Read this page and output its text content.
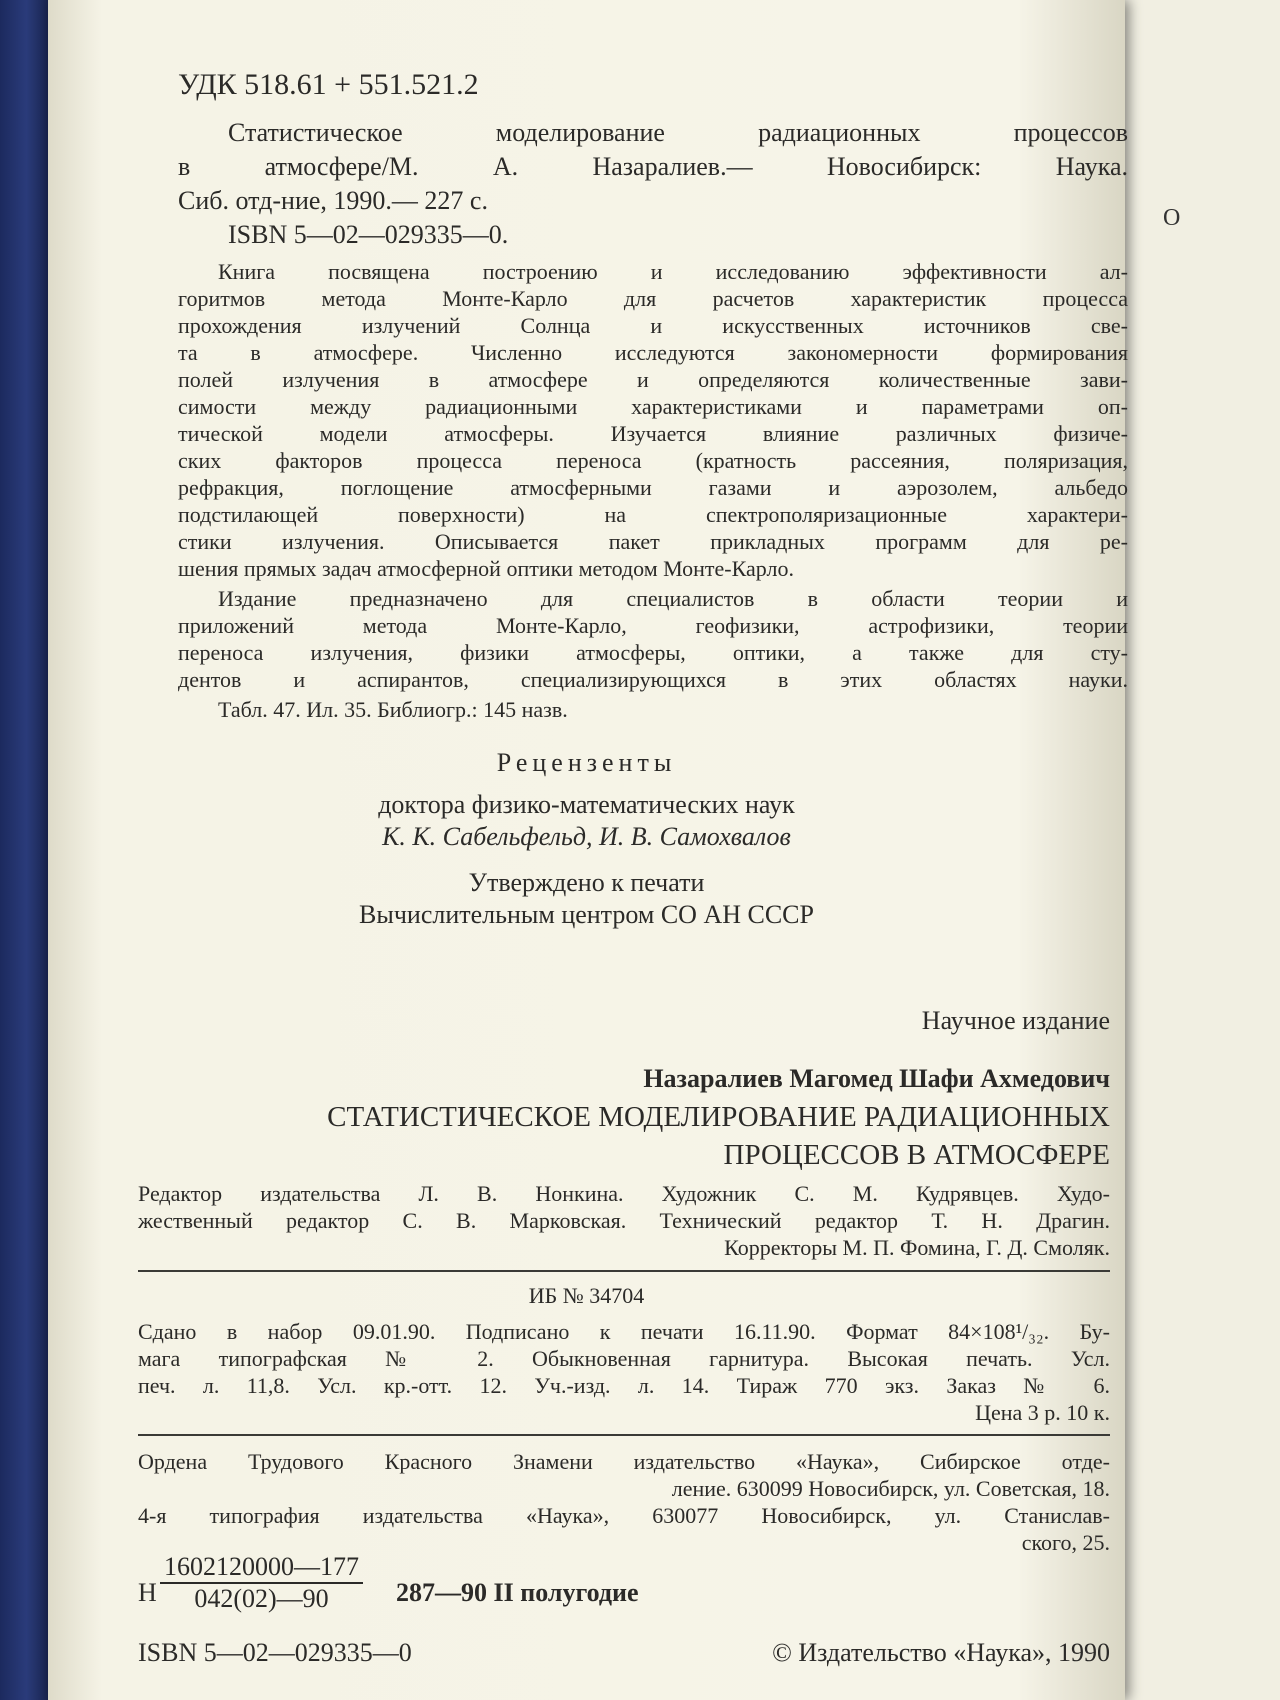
О
УДК 518.61 + 551.521.2
Статистическое моделирование радиационных процессов
в атмосфере/М. А. Назаралиев.— Новосибирск: Наука.
Сиб. отд-ние, 1990.— 227 с.
ISBN 5—02—029335—0.
Книга посвящена построению и исследованию эффективности ал-
горитмов метода Монте-Карло для расчетов характеристик процесса
прохождения излучений Солнца и искусственных источников све-
та в атмосфере. Численно исследуются закономерности формирования
полей излучения в атмосфере и определяются количественные зави-
симости между радиационными характеристиками и параметрами оп-
тической модели атмосферы. Изучается влияние различных физиче-
ских факторов процесса переноса (кратность рассеяния, поляризация,
рефракция, поглощение атмосферными газами и аэрозолем, альбедо
подстилающей поверхности) на спектрополяризационные характери-
стики излучения. Описывается пакет прикладных программ для ре-
шения прямых задач атмосферной оптики методом Монте-Карло.
Издание предназначено для специалистов в области теории и
приложений метода Монте-Карло, геофизики, астрофизики, теории
переноса излучения, физики атмосферы, оптики, а также для сту-
дентов и аспирантов, специализирующихся в этих областях науки.
Табл. 47. Ил. 35. Библиогр.: 145 назв.
Рецензенты
доктора физико-математических наук
К. К. Сабельфельд, И. В. Самохвалов
Утверждено к печати
Вычислительным центром СО АН СССР
Научное издание
Назаралиев Магомед Шафи Ахмедович
СТАТИСТИЧЕСКОЕ МОДЕЛИРОВАНИЕ РАДИАЦИОННЫХ
ПРОЦЕССОВ В АТМОСФЕРЕ
Редактор издательства Л. В. Нонкина. Художник С. М. Кудрявцев. Худо-
жественный редактор С. В. Марковская. Технический редактор Т. Н. Драгин.
Корректоры М. П. Фомина, Г. Д. Смоляк.
ИБ № 34704
Сдано в набор 09.01.90. Подписано к печати 16.11.90. Формат 84×108¹/₃₂. Бу-
мага типографская № 2. Обыкновенная гарнитура. Высокая печать. Усл.
печ. л. 11,8. Усл. кр.-отт. 12. Уч.-изд. л. 14. Тираж 770 экз. Заказ № 6.
Цена 3 р. 10 к.
Ордена Трудового Красного Знамени издательство «Наука», Сибирское отде-
ление. 630099 Новосибирск, ул. Советская, 18.
4-я типография издательства «Наука», 630077 Новосибирск, ул. Станислав-
ского, 25.
Н $\frac{1602120000—177}{042(02)—90}$ 287—90 II полугодие
ISBN 5—02—029335—0	© Издательство «Наука», 1990
